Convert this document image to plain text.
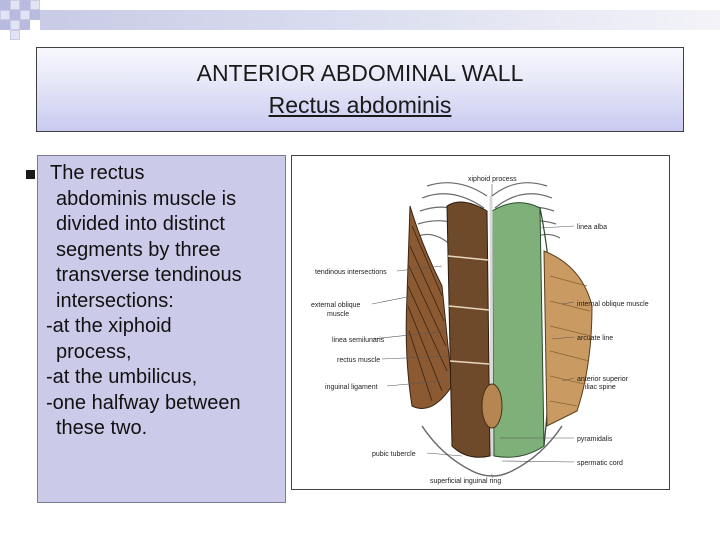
ANTERIOR ABDOMINAL WALL
Rectus abdominis
The rectus
abdominis muscle is
divided into distinct
segments by three
transverse tendinous
intersections:
-at the xiphoid
process,
-at the umbilicus,
-one halfway between
these two.
xiphoid process
linea alba
tendinous intersections
external oblique
muscle
internal oblique muscle
linea semilunaris	arcuate line
rectus muscle
inguinal ligament
anterior superior
iliac spine
pyramidalis
pubic tubercle
spermatic cord
superficial inguinal ring
